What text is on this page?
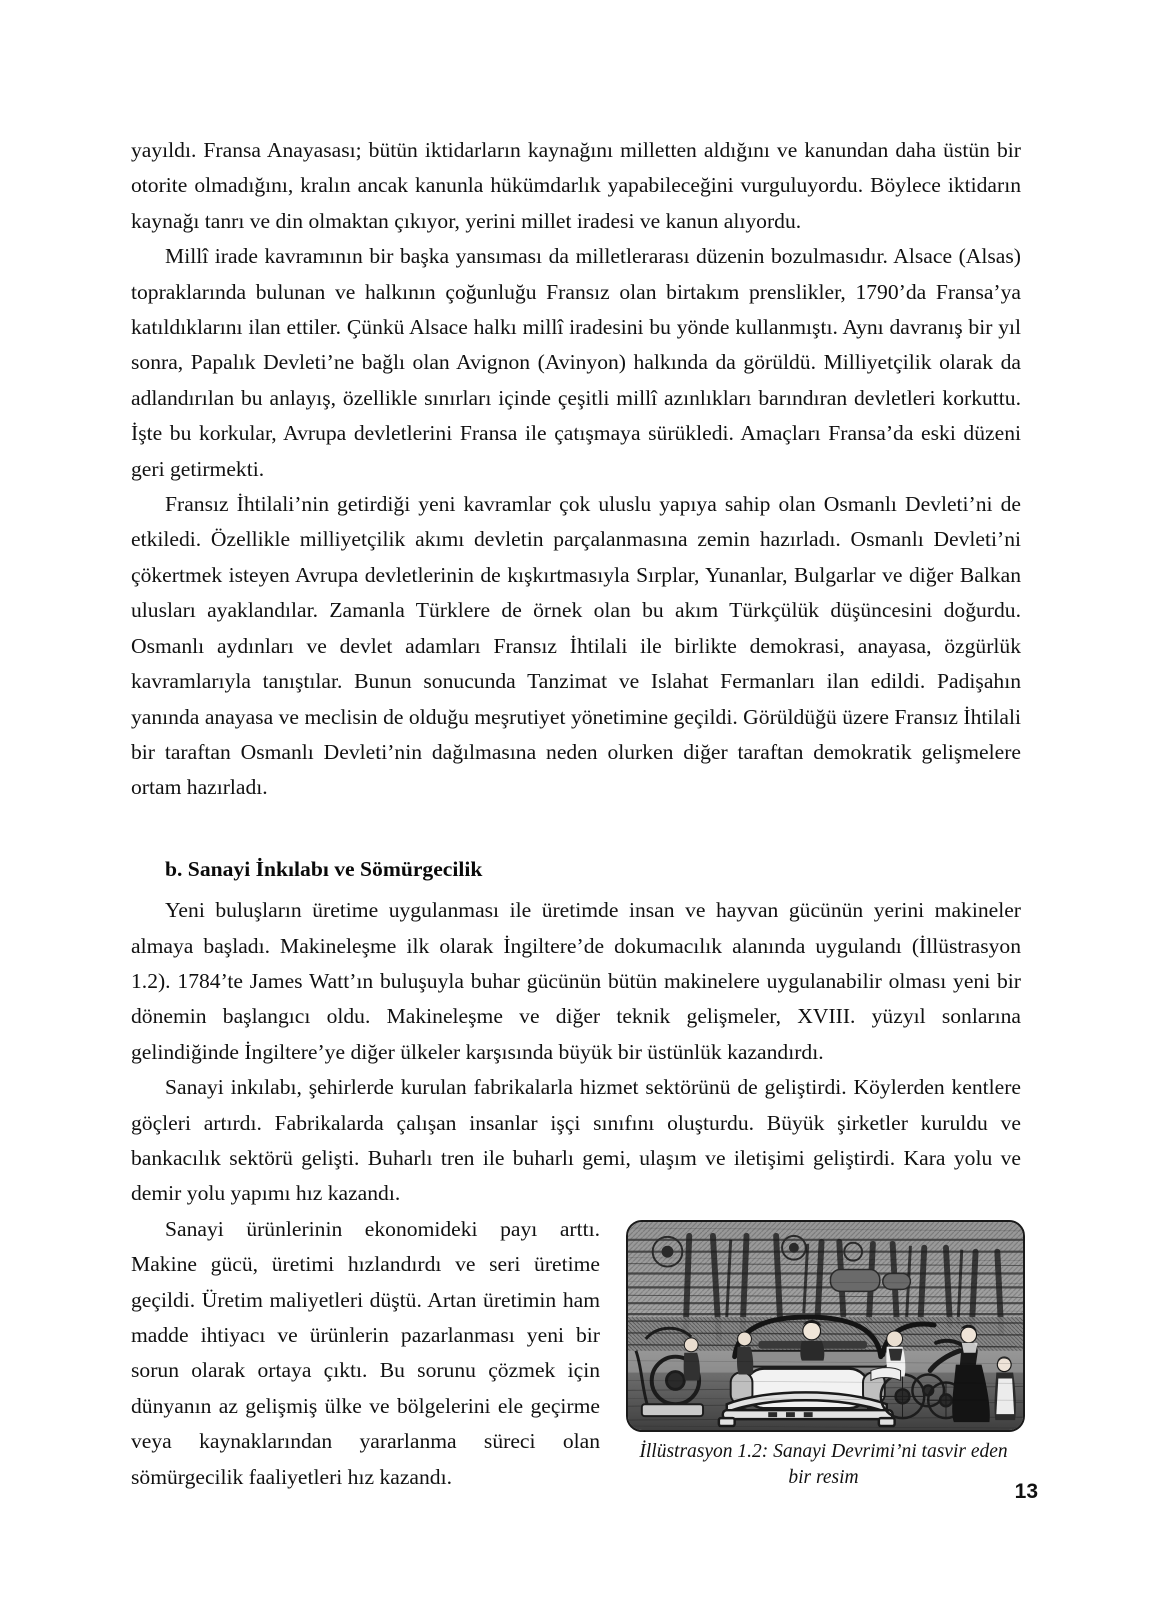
yayıldı. Fransa Anayasası; bütün iktidarların kaynağını milletten aldığını ve kanundan daha üstün bir otorite olmadığını, kralın ancak kanunla hükümdarlık yapabileceğini vurguluyordu. Böylece iktidarın kaynağı tanrı ve din olmaktan çıkıyor, yerini millet iradesi ve kanun alıyordu.

Millî irade kavramının bir başka yansıması da milletlerarası düzenin bozulmasıdır. Alsace (Alsas) topraklarında bulunan ve halkının çoğunluğu Fransız olan birtakım prenslikler, 1790’da Fransa’ya katıldıklarını ilan ettiler. Çünkü Alsace halkı millî iradesini bu yönde kullanmıştı. Aynı davranış bir yıl sonra, Papalık Devleti’ne bağlı olan Avignon (Avinyon) halkında da görüldü. Milliyetçilik olarak da adlandırılan bu anlayış, özellikle sınırları içinde çeşitli millî azınlıkları barındıran devletleri korkuttu. İşte bu korkular, Avrupa devletlerini Fransa ile çatışmaya sürükledi. Amaçları Fransa’da eski düzeni geri getirmekti.

Fransız İhtilali’nin getirdiği yeni kavramlar çok uluslu yapıya sahip olan Osmanlı Devleti’ni de etkiledi. Özellikle milliyetçilik akımı devletin parçalanmasına zemin hazırladı. Osmanlı Devleti’ni çökertmek isteyen Avrupa devletlerinin de kışkırtmasıyla Sırplar, Yunanlar, Bulgarlar ve diğer Balkan ulusları ayaklandılar. Zamanla Türklere de örnek olan bu akım Türkçülük düşüncesini doğurdu. Osmanlı aydınları ve devlet adamları Fransız İhtilali ile birlikte demokrasi, anayasa, özgürlük kavramlarıyla tanıştılar. Bunun sonucunda Tanzimat ve Islahat Fermanları ilan edildi. Padişahın yanında anayasa ve meclisin de olduğu meşrutiyet yönetimine geçildi. Görüldüğü üzere Fransız İhtilali bir taraftan Osmanlı Devleti’nin dağılmasına neden olurken diğer taraftan demokratik gelişmelere ortam hazırladı.

b. Sanayi İnkılabı ve Sömürgecilik

Yeni buluşların üretime uygulanması ile üretimde insan ve hayvan gücünün yerini makineler almaya başladı. Makineleşme ilk olarak İngiltere’de dokumacılık alanında uygulandı (İllüstrasyon 1.2). 1784’te James Watt’ın buluşuyla buhar gücünün bütün makinelere uygulanabilir olması yeni bir dönemin başlangıcı oldu. Makineleşme ve diğer teknik gelişmeler, XVIII. yüzyıl sonlarına gelindiğinde İngiltere’ye diğer ülkeler karşısında büyük bir üstünlük kazandırdı.

Sanayi inkılabı, şehirlerde kurulan fabrikalarla hizmet sektörünü de geliştirdi. Köylerden kentlere göçleri artırdı. Fabrikalarda çalışan insanlar işçi sınıfını oluşturdu. Büyük şirketler kuruldu ve bankacılık sektörü gelişti. Buharlı tren ile buharlı gemi, ulaşım ve iletişimi geliştirdi. Kara yolu ve demir yolu yapımı hız kazandı.

İllüstrasyon 1.2: Sanayi Devrimi’ni tasvir eden bir resim

Sanayi ürünlerinin ekonomideki payı arttı. Makine gücü, üretimi hızlandırdı ve seri üretime geçildi. Üretim maliyetleri düştü. Artan üretimin ham madde ihtiyacı ve ürünlerin pazarlanması yeni bir sorun olarak ortaya çıktı. Bu sorunu çözmek için dünyanın az gelişmiş ülke ve bölgelerini ele geçirme veya kaynaklarından yararlanma süreci olan sömürgecilik faaliyetleri hız kazandı.

13
